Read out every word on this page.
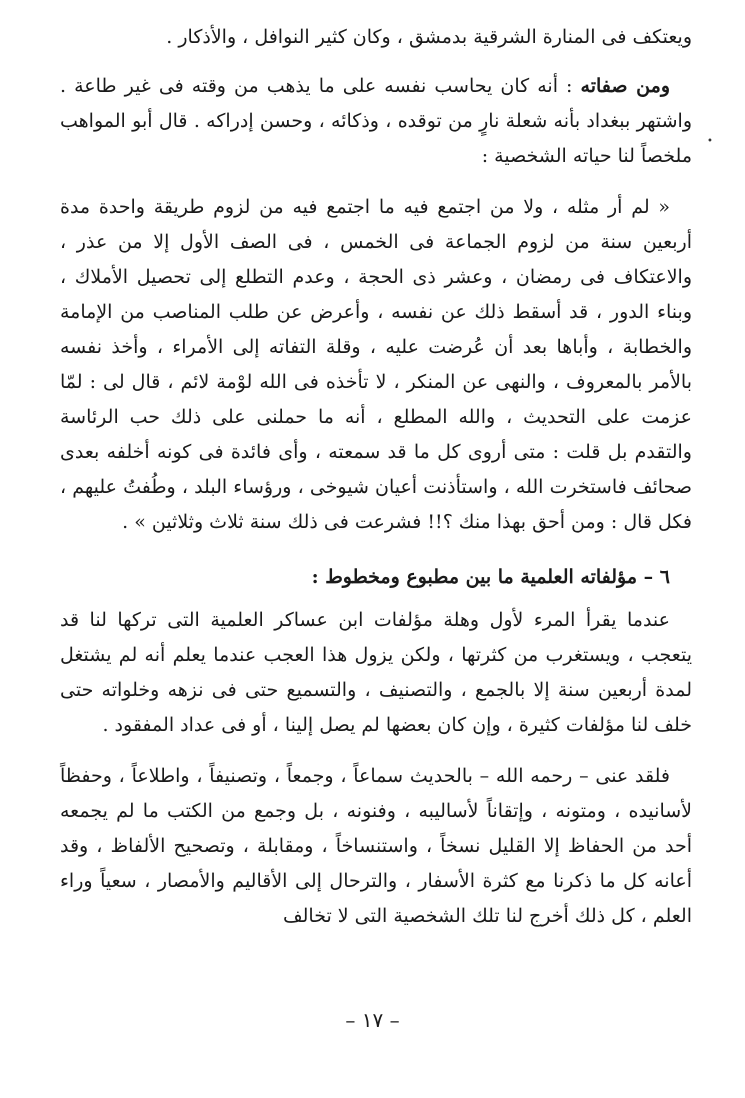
ويعتكف فى المنارة الشرقية بدمشق ، وكان كثير النوافل ، والأذكار .

ومن صفاته : أنه كان يحاسب نفسه على ما يذهب من وقته فى غير طاعة . واشتهر ببغداد بأنه شعلة نارٍ من توقده ، وذكائه ، وحسن إدراكه . قال أبو المواهب ملخصاً لنا حياته الشخصية :

« لم أر مثله ، ولا من اجتمع فيه ما اجتمع فيه من لزوم طريقة واحدة مدة أربعين سنة من لزوم الجماعة فى الخمس ، فى الصف الأول إلا من عذر ، والاعتكاف فى رمضان ، وعشر ذى الحجة ، وعدم التطلع إلى تحصيل الأملاك ، وبناء الدور ، قد أسقط ذلك عن نفسه ، وأعرض عن طلب المناصب من الإمامة والخطابة ، وأباها بعد أن عُرضت عليه ، وقلة التفاته إلى الأمراء ، وأخذ نفسه بالأمر بالمعروف ، والنهى عن المنكر ، لا تأخذه فى الله لوْمة لائم ، قال لى : لمّا عزمت على التحديث ، والله المطلع ، أنه ما حملنى على ذلك حب الرئاسة والتقدم بل قلت : متى أروى كل ما قد سمعته ، وأى فائدة فى كونه أخلفه بعدى صحائف فاستخرت الله ، واستأذنت أعيان شيوخى ، ورؤساء البلد ، وطُفتُ عليهم ، فكل قال : ومن أحق بهذا منك ؟!! فشرعت فى ذلك سنة ثلاث وثلاثين » .

٦ – مؤلفاته العلمية ما بين مطبوع ومخطوط :

عندما يقرأ المرء لأول وهلة مؤلفات ابن عساكر العلمية التى تركها لنا قد يتعجب ، ويستغرب من كثرتها ، ولكن يزول هذا العجب عندما يعلم أنه لم يشتغل لمدة أربعين سنة إلا بالجمع ، والتصنيف ، والتسميع حتى فى نزهه وخلواته حتى خلف لنا مؤلفات كثيرة ، وإن كان بعضها لم يصل إلينا ، أو فى عداد المفقود .

فلقد عنى – رحمه الله – بالحديث سماعاً ، وجمعاً ، وتصنيفاً ، واطلاعاً ، وحفظاً لأسانيده ، ومتونه ، وإتقاناً لأساليبه ، وفنونه ، بل وجمع من الكتب ما لم يجمعه أحد من الحفاظ إلا القليل نسخاً ، واستنساخاً ، ومقابلة ، وتصحيح الألفاظ ، وقد أعانه كل ما ذكرنا مع كثرة الأسفار ، والترحال إلى الأقاليم والأمصار ، سعياً وراء العلم ، كل ذلك أخرج لنا تلك الشخصية التى لا تخالف

•
– ١٧ –
